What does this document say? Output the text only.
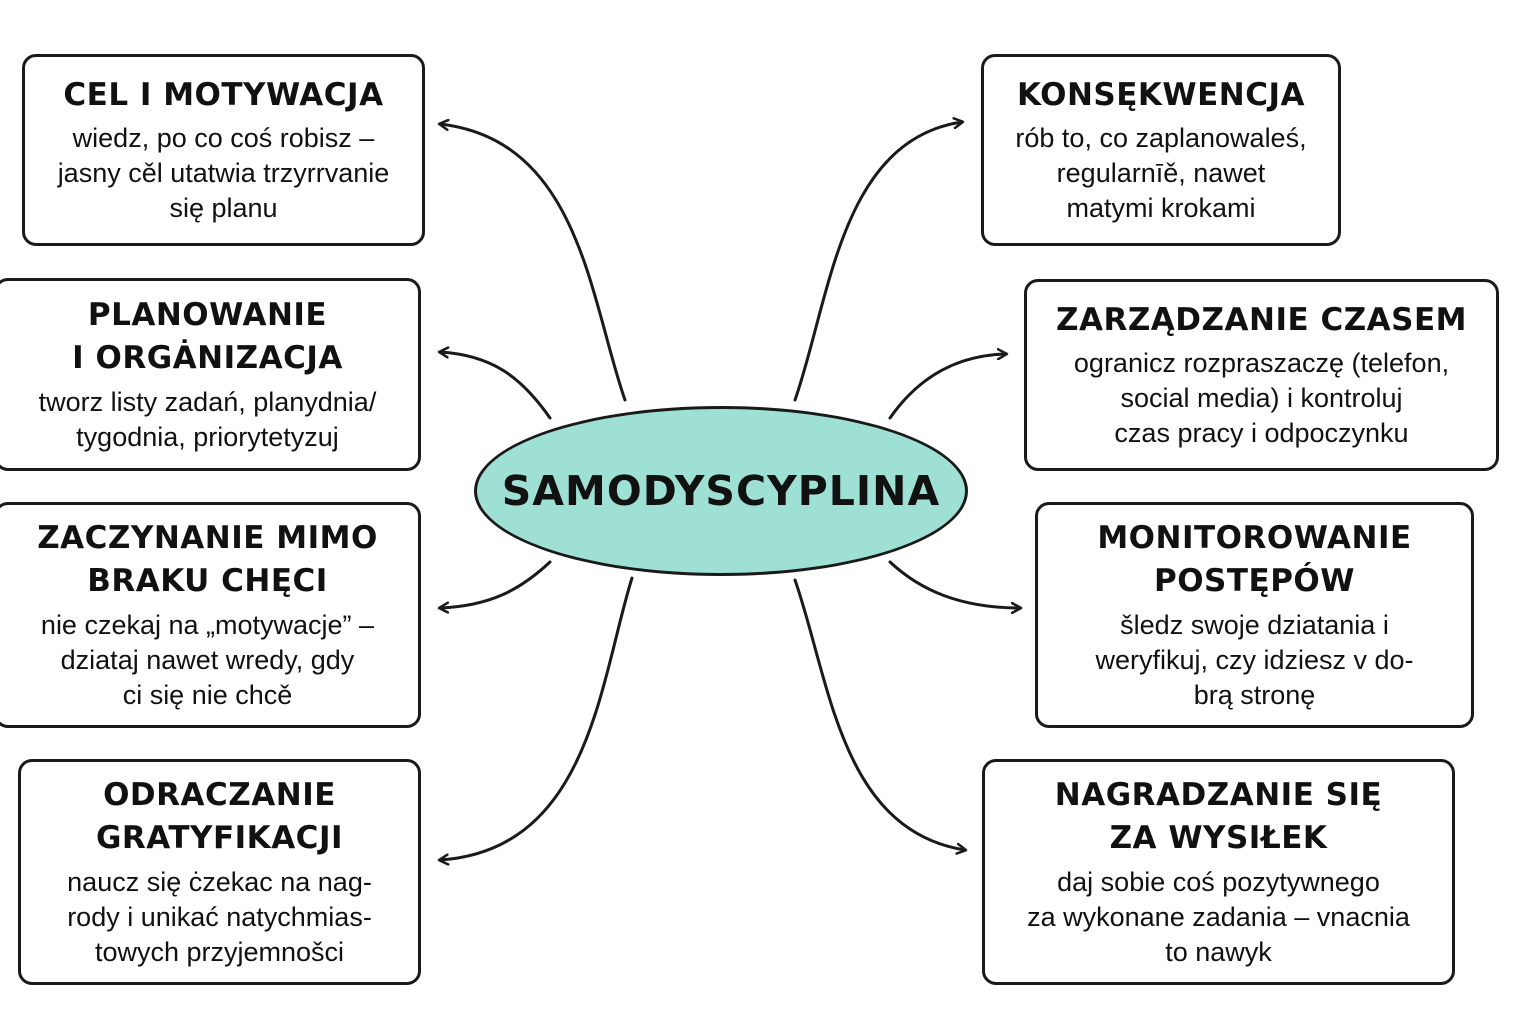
SAMODYSCYPLINA
CEL I MOTYWACJA
wiedz, po co coś robisz –
jasny cěl utatwia trzyrrvanie
się planu
PLANOWANIE
I ORGȦNIZACJA
tworz listy zadań, planydnia/
tygodnia, priorytetyzuj
ZACZYNANIE MIMO
BRAKU CHĘCI
nie czekaj na „motywacje” –
dziataj nawet wredy, gdy
ci się nie chcě
ODRACZANIE
GRATYFIKACJI
naucz się ċzekac na nag-
rody i unikać natychmias-
towych przyjemnošci
KONSĘKWENCJA
rób to, co zaplanowaleś,
regularnīě, nawet
matymi krokami
ZARZĄDZANIE CZASEM
ogranicz rozpraszaczę (telefon,
social media) i kontroluj
czas pracy i odpoczynku
MONITOROWANIE
POSTĘPÓW
šledz swoje dziatania i
weryfikuj, czy idziesz v do-
brą stronę
NAGRADZANIE SIĘ
ZA WYSIŁEK
daj sobie coś pozytywnego
za wykonane zadania – vnacnia
to nawyk
